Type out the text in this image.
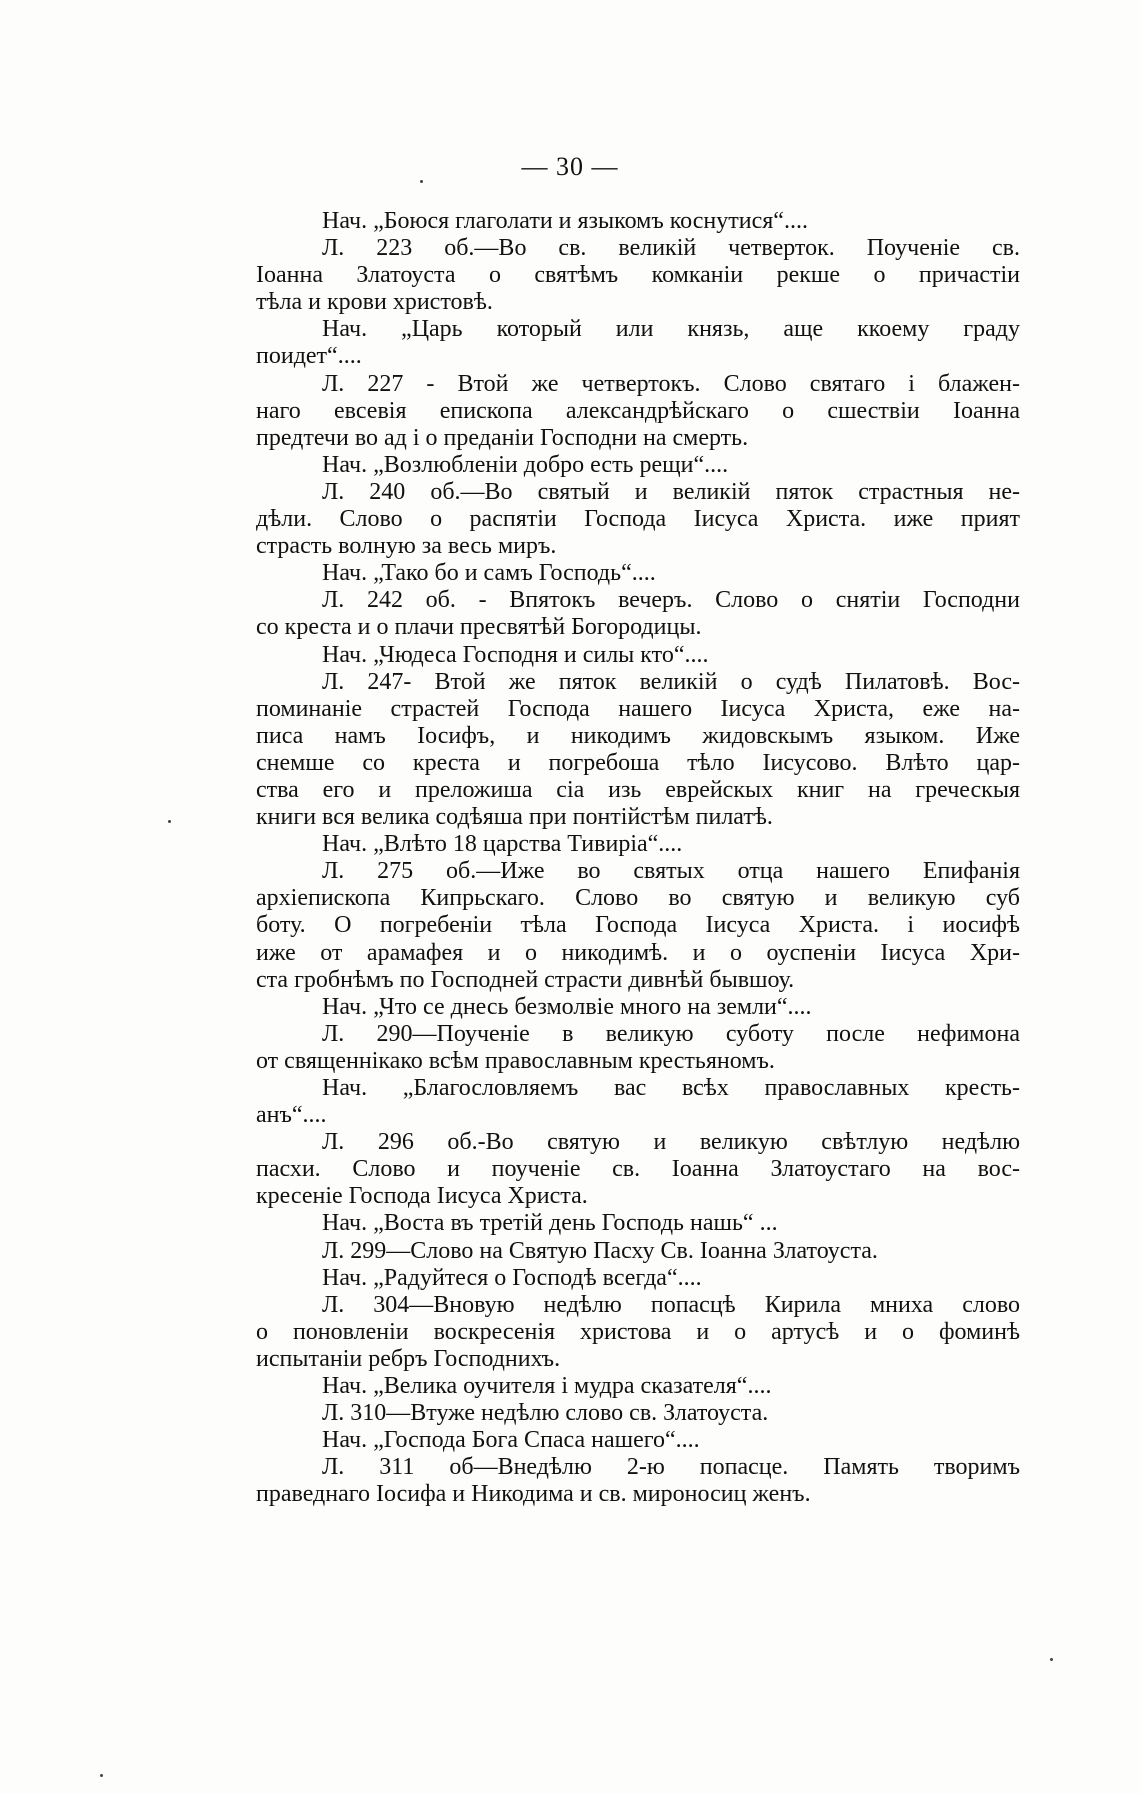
— 30 —

Нач. „Боюся глаголати и языкомъ коснутися“....

Л. 223 об.—Во св. великій четверток. Поученіе св.
Іоанна Златоуста о святѣмъ комканіи рекше о причастіи
тѣла и крови христовѣ.

Нач. „Царь который или князь, аще ккоему граду
поидет“....

Л. 227 - Втой же четвертокъ. Слово святаго і блажен-
наго евсевія епископа александрѣйскаго о сшествіи Іоанна
предтечи во ад і о преданіи Господни на смерть.

Нач. „Возлюбленіи добро есть рещи“....

Л. 240 об.—Во святый и великій пяток страстныя не-
дѣли. Слово о распятіи Господа Іисуса Христа. иже прият
страсть волную за весь миръ.

Нач. „Тако бо и самъ Господь“....

Л. 242 об. - Впятокъ вечеръ. Слово о снятіи Господни
со креста и о плачи пресвятѣй Богородицы.

Нач. „Чюдеса Господня и силы кто“....

Л. 247- Втой же пяток великій о судѣ Пилатовѣ. Вос-
поминаніе страстей Господа нашего Іисуса Христа, еже на-
писа намъ Іосифъ, и никодимъ жидовскымъ языком. Иже
снемше со креста и погребоша тѣло Іисусово. Влѣто цар-
ства его и преложиша сіа изь еврейскых книг на греческыя
книги вся велика содѣяша при понтійстѣм пилатѣ.

Нач. „Влѣто 18 царства Тивиріа“....

Л. 275 об.—Иже во святых отца нашего Епифанія
архіепископа Кипрьскаго. Слово во святую и великую суб
боту. О погребеніи тѣла Господа Іисуса Христа. і иосифѣ
иже от арамафея и о никодимѣ. и о оуспеніи Іисуса Хри-
ста гробнѣмъ по Господней страсти дивнѣй бывшоу.

Нач. „Что се днесь безмолвіе много на земли“....

Л. 290—Поученіе в великую суботу после нефимона
от священнікако всѣм православным крестьяномъ.

Нач. „Благословляемъ вас всѣх православных кресть-
анъ“....

Л. 296 об.-Во святую и великую свѣтлую недѣлю
пасхи. Слово и поученіе св. Іоанна Златоустаго на вос-
кресеніе Господа Іисуса Христа.

Нач. „Воста въ третій день Господь нашь“ ...

Л. 299—Слово на Святую Пасху Св. Іоанна Златоуста.

Нач. „Радуйтеся о Господѣ всегда“....

Л. 304—Вновую недѣлю попасцѣ Кирила мниха слово
о поновленіи воскресенія христова и о артусѣ и о фоминѣ
испытаніи ребръ Господнихъ.

Нач. „Велика оучителя і мудра сказателя“....

Л. 310—Втуже недѣлю слово св. Златоуста.

Нач. „Господа Бога Спаса нашего“....

Л. 311 об—Внедѣлю 2-ю попасце. Память творимъ
праведнаго Іосифа и Никодима и св. мироносиц женъ.
